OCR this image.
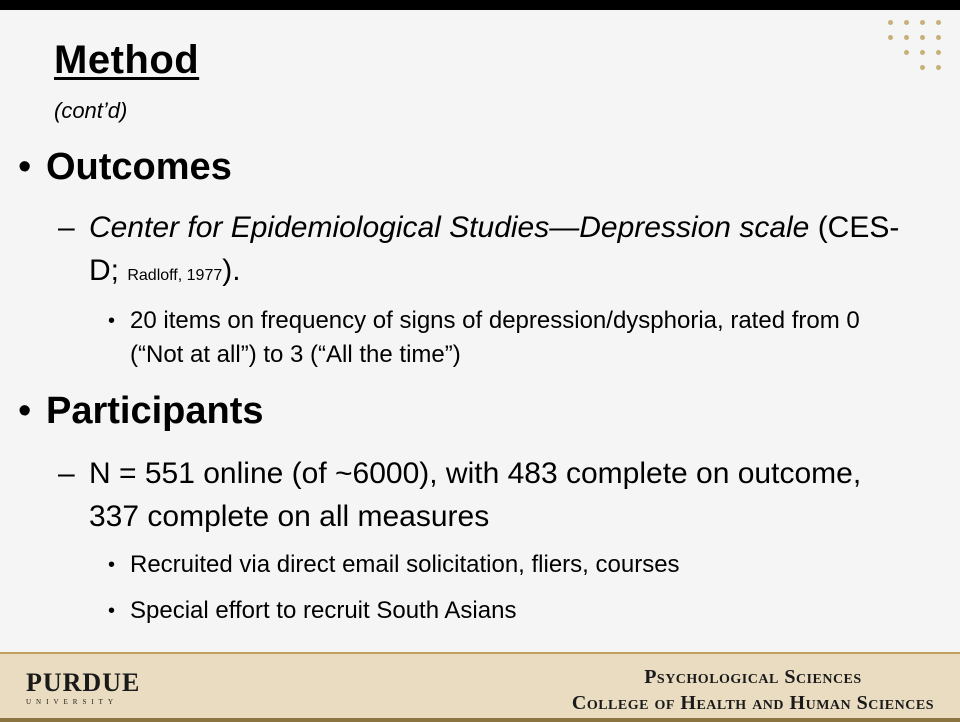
Method
(cont’d)
• Outcomes
– Center for Epidemiological Studies—Depression scale (CES-D; Radloff, 1977).
• 20 items on frequency of signs of depression/dysphoria, rated from 0 (“Not at all”) to 3 (“All the time”)
• Participants
– N = 551 online (of ~6000), with 483 complete on outcome, 337 complete on all measures
• Recruited via direct email solicitation, fliers, courses
• Special effort to recruit South Asians
PURDUE
UNIVERSITY
Psychological Sciences
College of Health and Human Sciences
